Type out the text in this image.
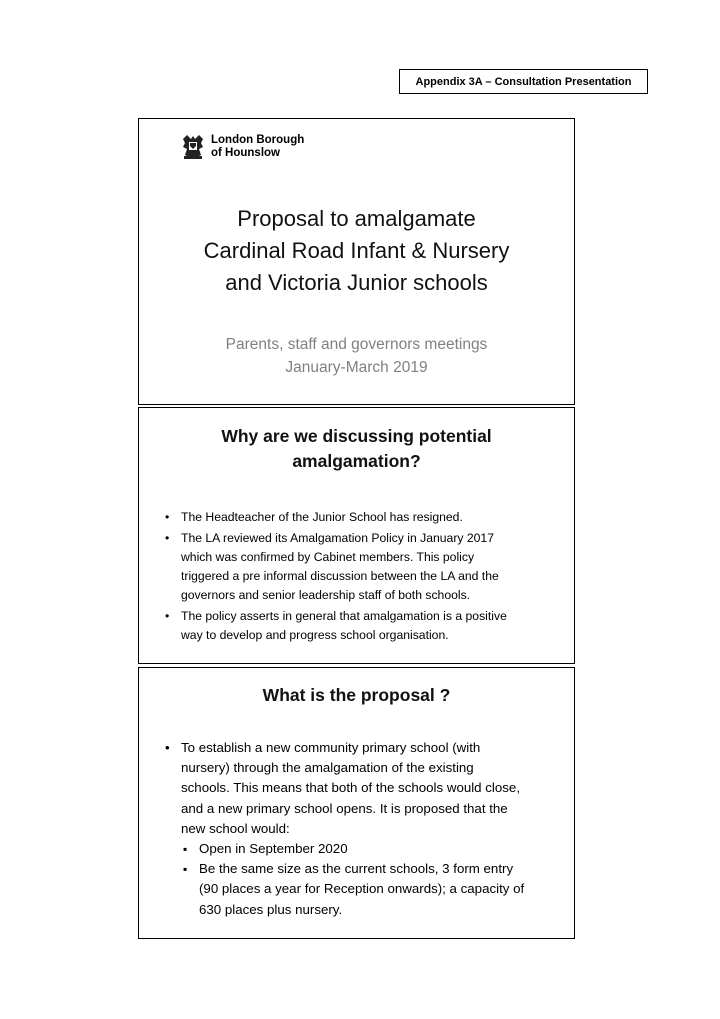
Appendix 3A – Consultation Presentation
London Borough
of Hounslow
Proposal to amalgamate
Cardinal Road Infant & Nursery
and Victoria Junior schools
Parents, staff and governors meetings
January-March 2019
Why are we discussing potential
amalgamation?
• The Headteacher of the Junior School has resigned.
• The LA reviewed its Amalgamation Policy in January 2017
which was confirmed by Cabinet members. This policy
triggered a pre informal discussion between the LA and the
governors and senior leadership staff of both schools.
• The policy asserts in general that amalgamation is a positive
way to develop and progress school organisation.
What is the proposal ?
• To establish a new community primary school (with
nursery) through the amalgamation of the existing
schools. This means that both of the schools would close,
and a new primary school opens. It is proposed that the
new school would:
▪ Open in September 2020
▪ Be the same size as the current schools, 3 form entry
(90 places a year for Reception onwards); a capacity of
630 places plus nursery.
